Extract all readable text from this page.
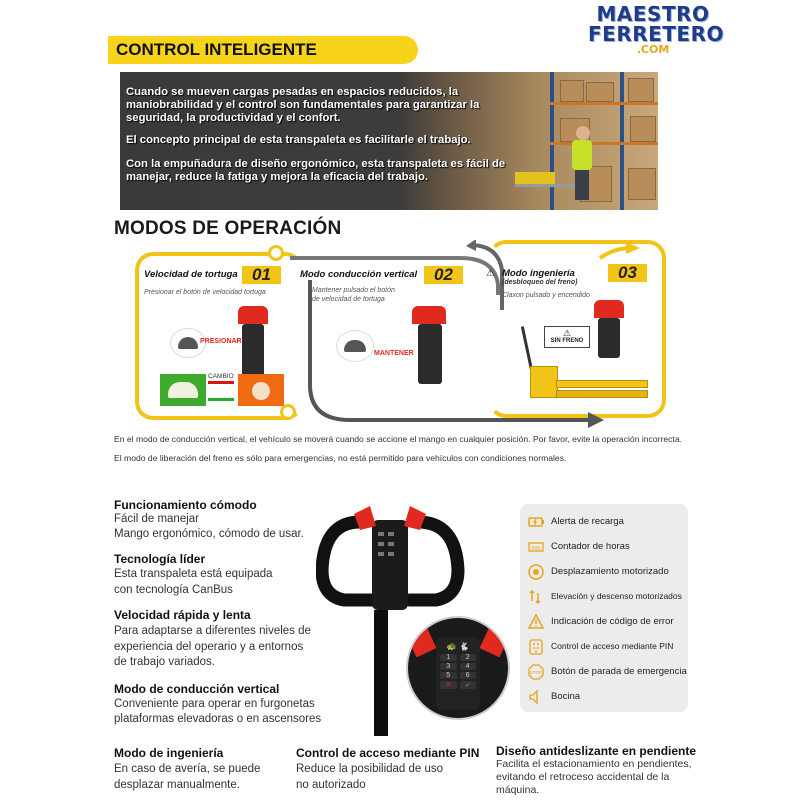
MAESTRO
FERRETERO
.COM
CONTROL INTELIGENTE
Cuando se mueven cargas pesadas en espacios reducidos, la maniobrabilidad y el control son fundamentales para garantizar la seguridad, la productividad y el confort.
El concepto principal de esta transpaleta es facilitarle el trabajo.
Con la empuñadura de diseño ergonómico, esta transpaleta es fácil de manejar, reduce la fatiga y mejora la eficacia del trabajo.
MODOS DE OPERACIÓN
Velocidad de tortuga 01
Presionar el botón de velocidad tortuga
PRESIONAR
CAMBIO
Modo conducción vertical 02
Mantener pulsado el botón
de velocidad de tortuga
MANTENER
⚠ Modo ingeniería
(desbloqueo del freno)
03
Claxon pulsado y encendido
⚠
SIN FRENO
En el modo de conducción vertical, el vehículo se moverá cuando se accione el mango en cualquier posición. Por favor, evite la operación incorrecta.
El modo de liberación del freno es sólo para emergencias, no está permitido para vehículos con condiciones normales.
Funcionamiento cómodo
Fácil de manejar
Mango ergonómico, cómodo de usar.
Tecnología líder
Esta transpaleta está equipada
con tecnología CanBus
Velocidad rápida y lenta
Para adaptarse a diferentes niveles de
experiencia del operario y a entornos
de trabajo variados.
Modo de conducción vertical
Conveniente para operar en furgonetas
plataformas elevadoras o en ascensores
🐢 🐇
1	2
3	4
5	6
✕	✓
Alerta de recarga
00h Contador de horas
Desplazamiento motorizado
Elevación y descenso motorizados
Indicación de código de error
Control de acceso mediante PIN
STOP Botón de parada de emergencia
Bocina
Modo de ingeniería
En caso de avería, se puede
desplazar manualmente.
Control de acceso mediante PIN
Reduce la posibilidad de uso
no autorizado
Diseño antideslizante en pendiente
Facilita el estacionamiento en pendientes,
evitando el retroceso accidental de la
máquina.
